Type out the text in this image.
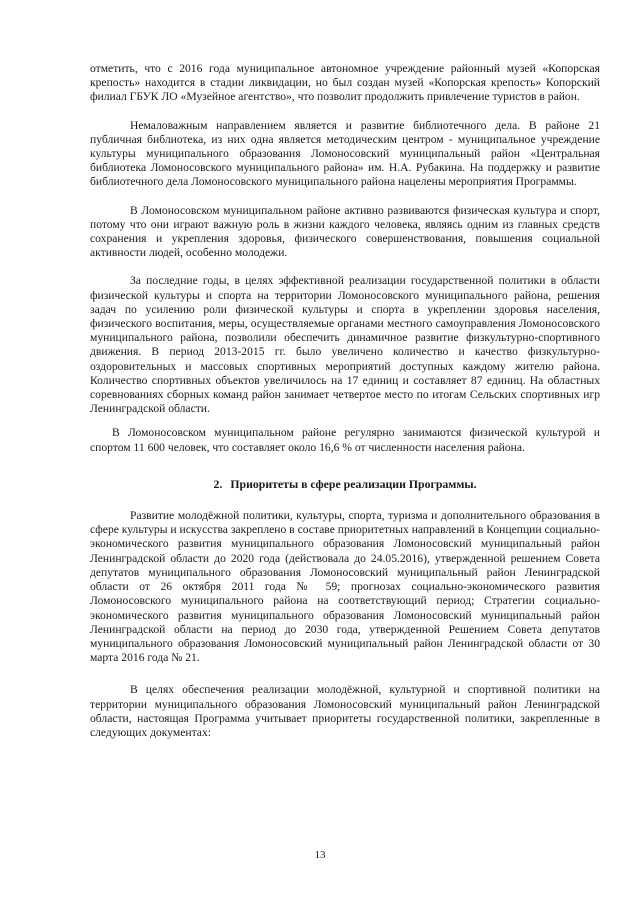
отметить, что с 2016 года муниципальное автономное учреждение районный музей «Копорская крепость» находится в стадии ликвидации, но был создан музей «Копорская крепость» Копорский филиал ГБУК ЛО «Музейное агентство», что позволит продолжить привлечение туристов в район.

Немаловажным направлением является и развитие библиотечного дела. В районе 21 публичная библиотека, из них одна является методическим центром - муниципальное учреждение культуры муниципального образования Ломоносовский муниципальный район «Центральная библиотека Ломоносовского муниципального района» им. Н.А. Рубакина. На поддержку и развитие библиотечного дела Ломоносовского муниципального района нацелены мероприятия Программы.

В Ломоносовском муниципальном районе активно развиваются физическая культура и спорт, потому что они играют важную роль в жизни каждого человека, являясь одним из главных средств сохранения и укрепления здоровья, физического совершенствования, повышения социальной активности людей, особенно молодежи.

За последние годы, в целях эффективной реализации государственной политики в области физической культуры и спорта на территории Ломоносовского муниципального района, решения задач по усилению роли физической культуры и спорта в укреплении здоровья населения, физического воспитания, меры, осуществляемые органами местного самоуправления Ломоносовского муниципального района, позволили обеспечить динамичное развитие физкультурно-спортивного движения. В период 2013-2015 гг. было увеличено количество и качество физкультурно-оздоровительных и массовых спортивных мероприятий доступных каждому жителю района. Количество спортивных объектов увеличилось на 17 единиц и составляет 87 единиц. На областных соревнованиях сборных команд район занимает четвертое место по итогам Сельских спортивных игр Ленинградской области.

В Ломоносовском муниципальном районе регулярно занимаются физической культурой и спортом 11 600 человек, что составляет около 16,6 % от численности населения района.

2. Приоритеты в сфере реализации Программы.

Развитие молодёжной политики, культуры, спорта, туризма и дополнительного образования в сфере культуры и искусства закреплено в составе приоритетных направлений в Концепции социально-экономического развития муниципального образования Ломоносовский муниципальный район Ленинградской области до 2020 года (действовала до 24.05.2016), утвержденной решением Совета депутатов муниципального образования Ломоносовский муниципальный район Ленинградской области от 26 октября 2011 года № 59; прогнозах социально-экономического развития Ломоносовского муниципального района на соответствующий период; Стратегии социально-экономического развития муниципального образования Ломоносовский муниципальный район Ленинградской области на период до 2030 года, утвержденной Решением Совета депутатов муниципального образования Ломоносовский муниципальный район Ленинградской области от 30 марта 2016 года № 21.

В целях обеспечения реализации молодёжной, культурной и спортивной политики на территории муниципального образования Ломоносовский муниципальный район Ленинградской области, настоящая Программа учитывает приоритеты государственной политики, закрепленные в следующих документах:

13
